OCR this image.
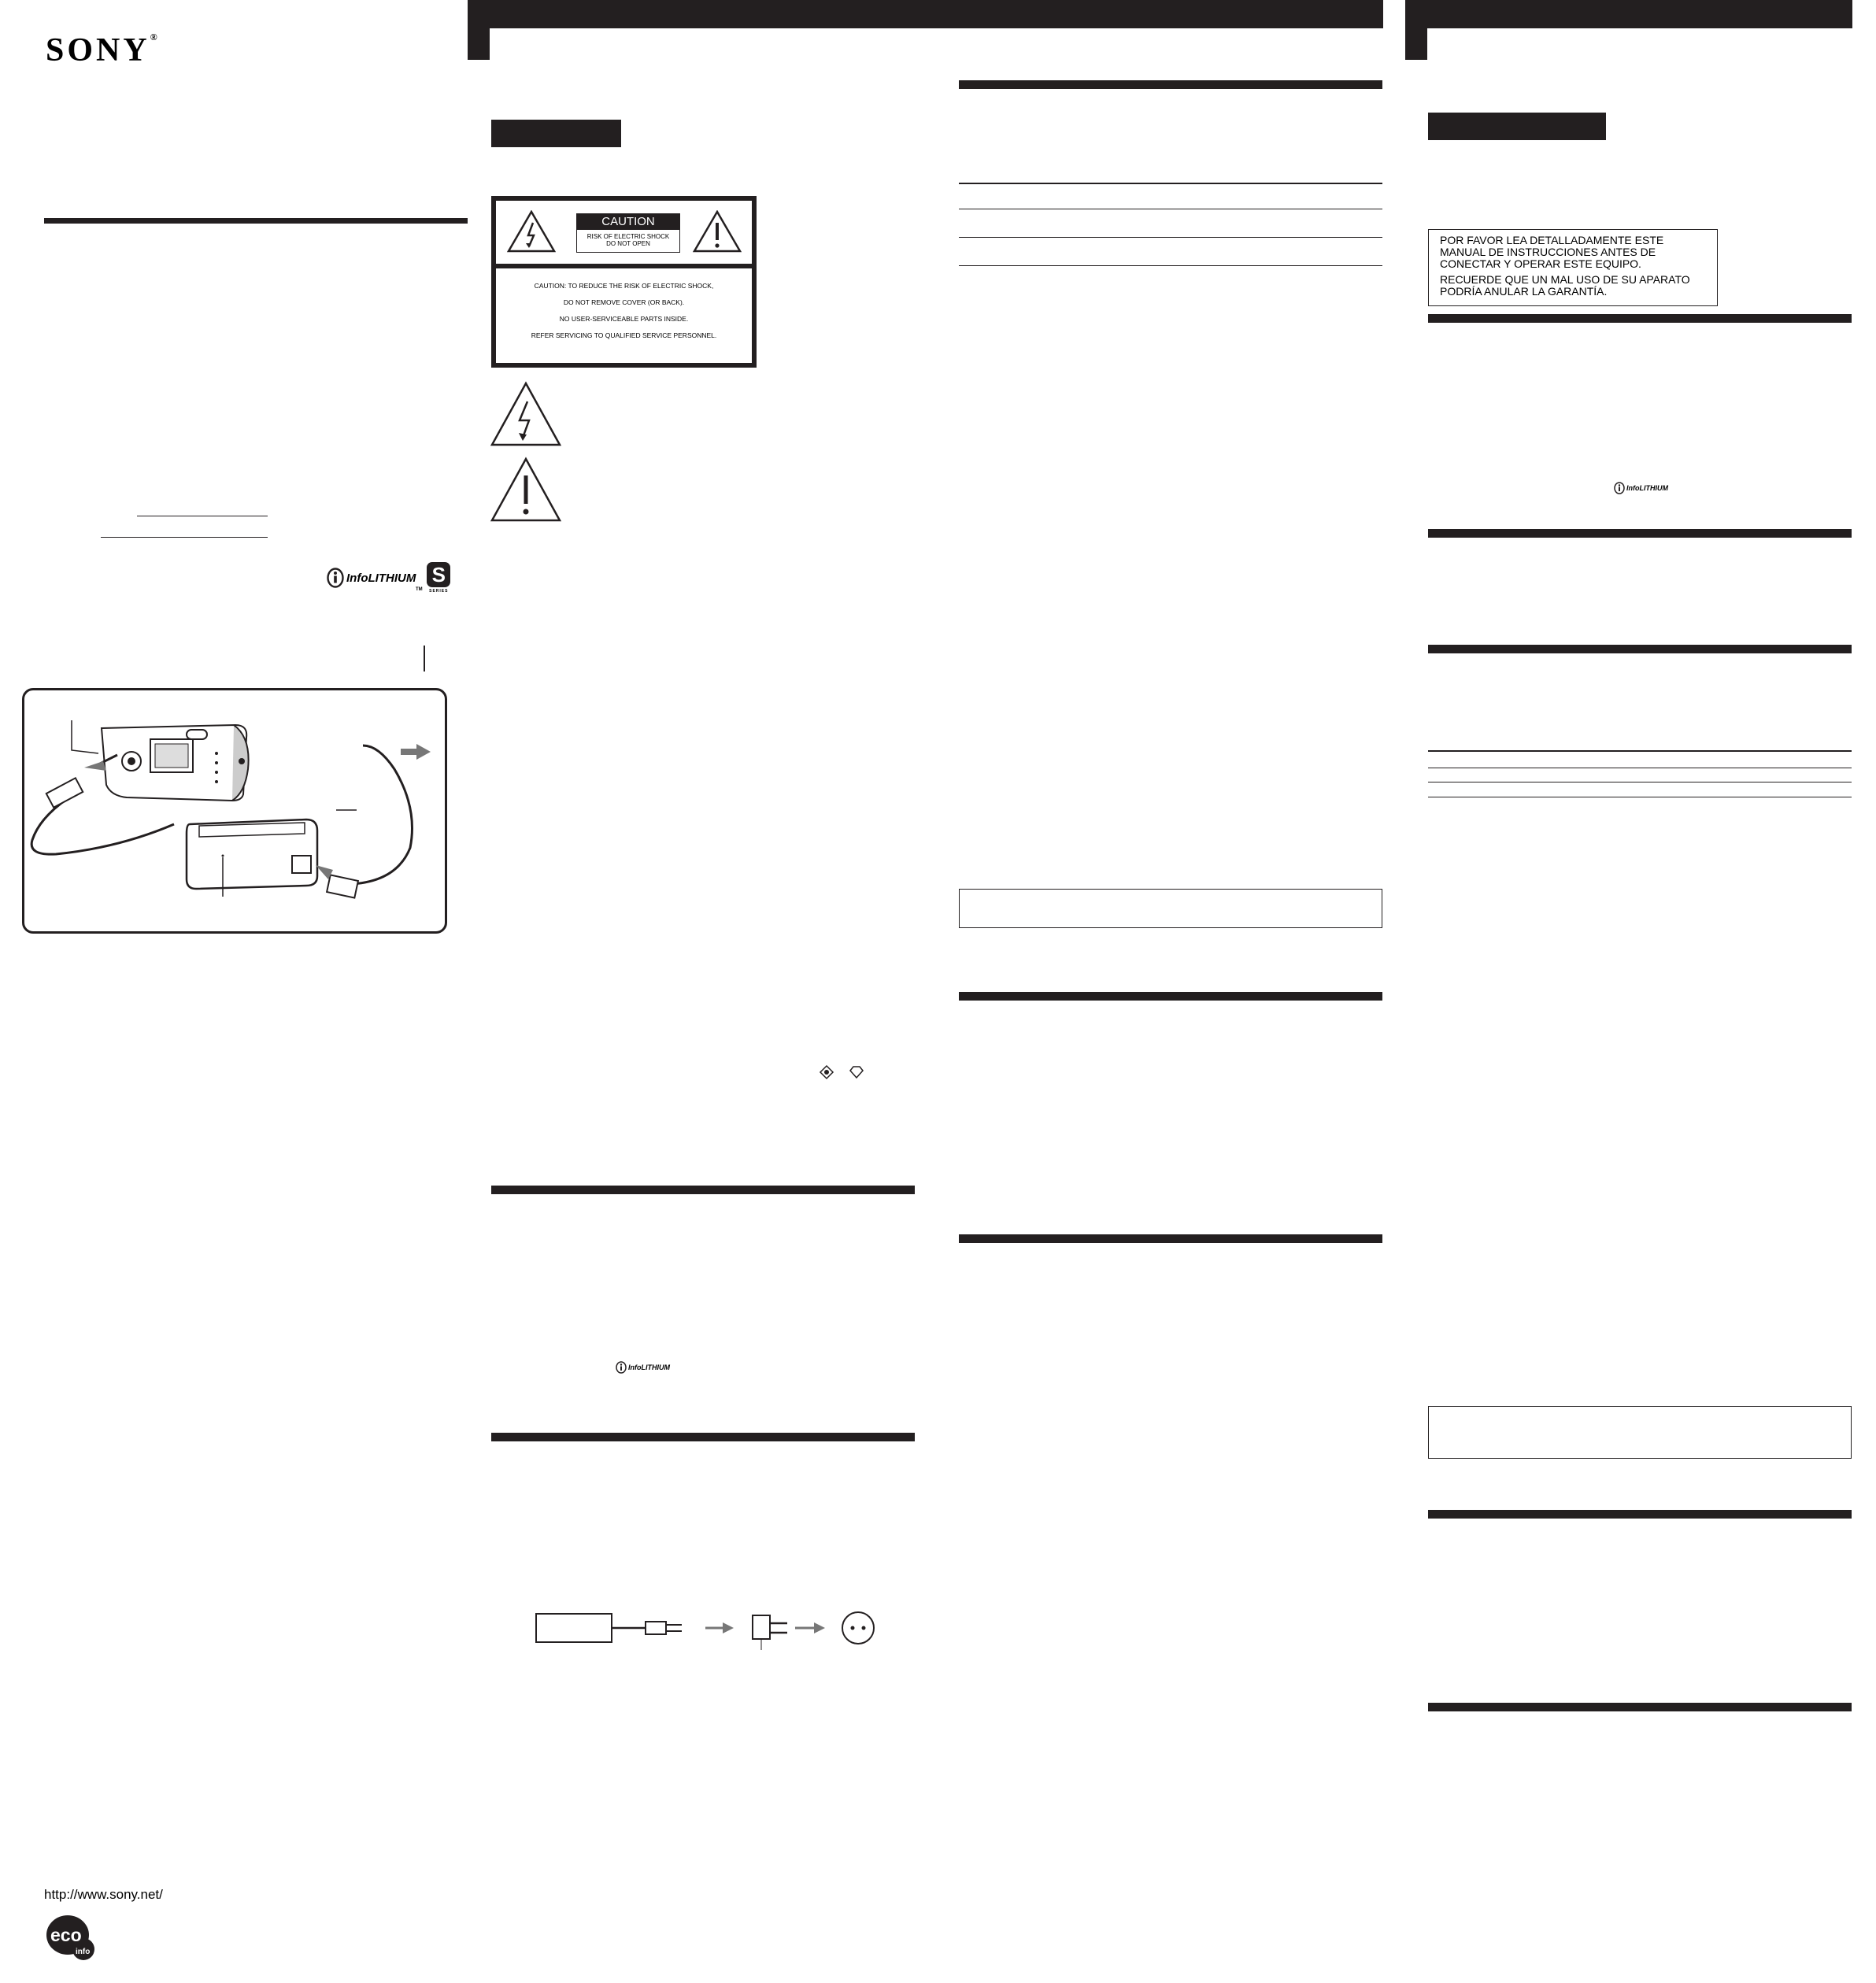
SONY®
InfoLITHIUM
TM
S
SERIES
http://www.sony.net/
eco
info
CAUTION
RISK OF ELECTRIC SHOCK
DO NOT OPEN
CAUTION: TO REDUCE THE RISK OF ELECTRIC SHOCK,
DO NOT REMOVE COVER (OR BACK).
NO USER-SERVICEABLE PARTS INSIDE.
REFER SERVICING TO QUALIFIED SERVICE PERSONNEL.
InfoLITHIUM

POR FAVOR LEA DETALLADAMENTE ESTE MANUAL DE INSTRUCCIONES ANTES DE CONECTAR Y OPERAR ESTE EQUIPO.

RECUERDE QUE UN MAL USO DE SU APARATO PODRÍA ANULAR LA GARANTÍA.

InfoLITHIUM
